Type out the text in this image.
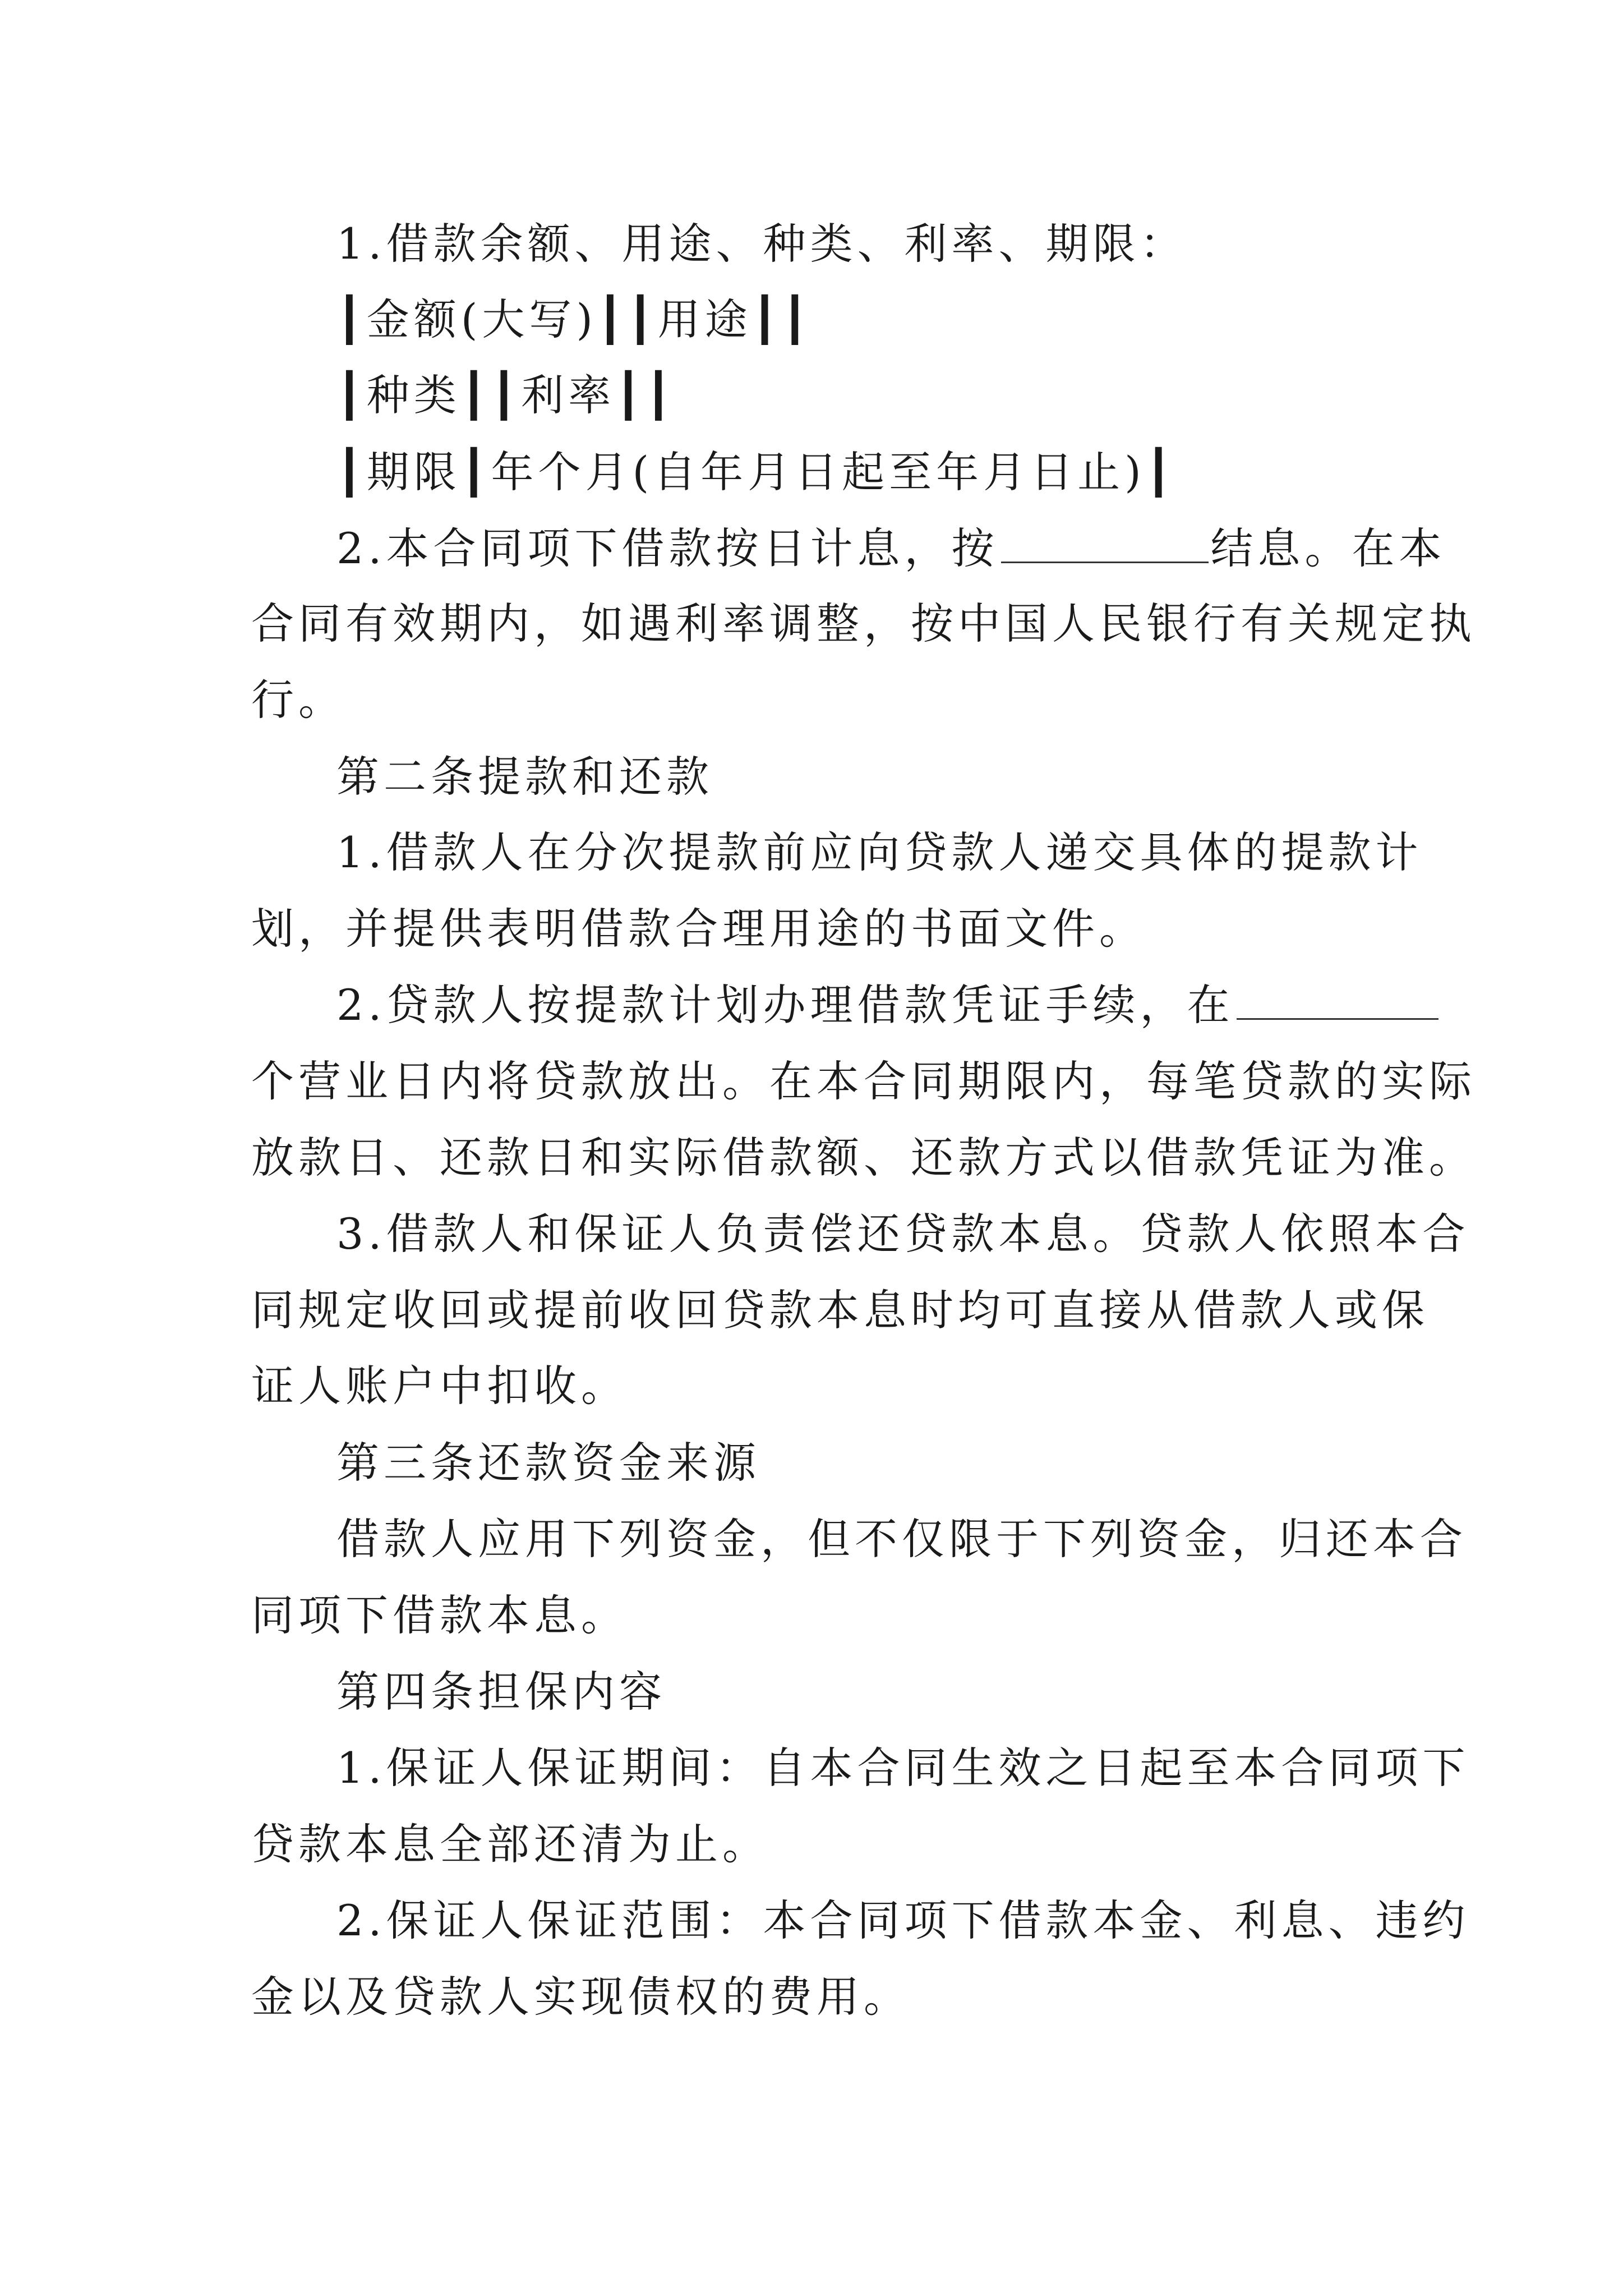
1.借款余额、用途、种类、利率、期限：
┃金额(大写)┃┃用途┃┃
┃种类┃┃利率┃┃
┃期限┃年个月(自年月日起至年月日止)┃
2.本合同项下借款按日计息，按	结息。在本
合同有效期内，如遇利率调整，按中国人民银行有关规定执
行。
第二条提款和还款
1.借款人在分次提款前应向贷款人递交具体的提款计
划，并提供表明借款合理用途的书面文件。
2.贷款人按提款计划办理借款凭证手续，在
个营业日内将贷款放出。在本合同期限内，每笔贷款的实际
放款日、还款日和实际借款额、还款方式以借款凭证为准。
3.借款人和保证人负责偿还贷款本息。贷款人依照本合
同规定收回或提前收回贷款本息时均可直接从借款人或保
证人账户中扣收。
第三条还款资金来源
借款人应用下列资金，但不仅限于下列资金，归还本合
同项下借款本息。
第四条担保内容
1.保证人保证期间：自本合同生效之日起至本合同项下
贷款本息全部还清为止。
2.保证人保证范围：本合同项下借款本金、利息、违约
金以及贷款人实现债权的费用。
